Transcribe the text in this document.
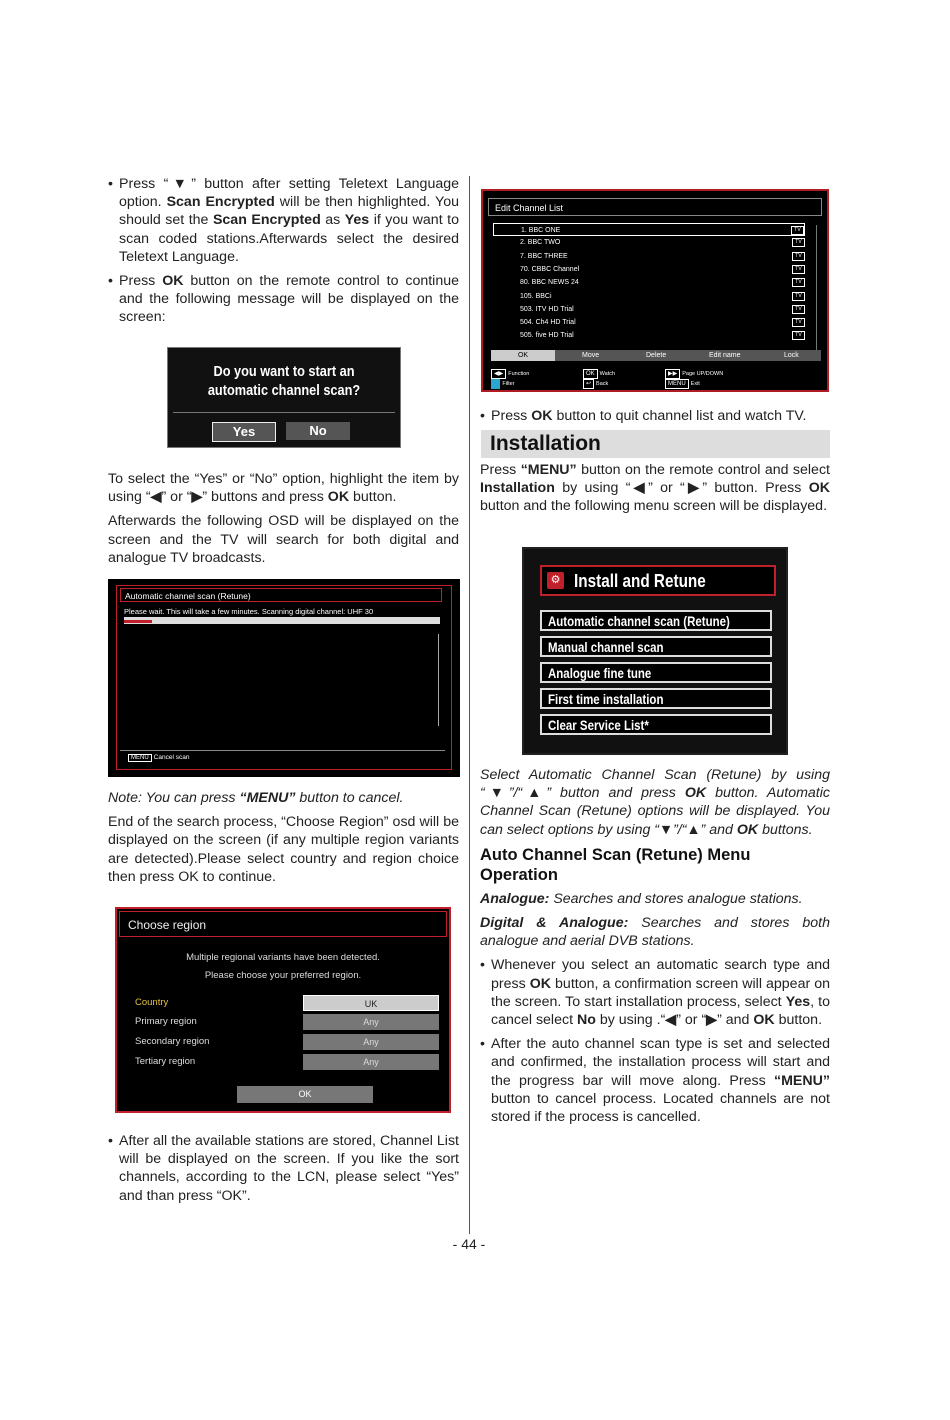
• Press “▼” button after setting Teletext Language option. Scan Encrypted will be then highlighted. You should set the Scan Encrypted as Yes if you want to scan coded stations.Afterwards select the desired Teletext Language.
• Press OK button on the remote control to continue and the following message will be displayed on the screen:

To select the “Yes” or “No” option, highlight the item by using “◀” or “▶” buttons and press OK button.

Afterwards the following OSD will be displayed on the screen and the TV will search for both digital and analogue TV broadcasts.

Note: You can press “MENU” button to cancel.

End of the search process, “Choose Region” osd will be displayed on the screen (if any multiple region variants are detected).Please select country and region choice then press OK to continue.

• After all the available stations are stored, Channel List will be displayed on the screen. If you like the sort channels, according to the LCN, please select “Yes” and than press “OK”.
Do you want to start an automatic channel scan?
Yes	No
Automatic channel scan (Retune)
Please wait. This will take a few minutes. Scanning digital channel: UHF 30
MENU Cancel scan
Choose region
Multiple regional variants have been detected.
Please choose your preferred region.
Country	UK
Primary region	Any
Secondary region	Any
Tertiary region	Any
OK
Edit Channel List
1. BBC ONE	TV
2. BBC TWO	TV
7. BBC THREE	TV
70. CBBC Channel	TV
80. BBC NEWS 24	TV
105. BBCi	TV
503. ITV HD Trial	TV
504. Ch4 HD Trial	TV
505. five HD Trial	TV
OK	Move	Delete	Edit name	Lock
◀▶ Function
Filter
OK Watch
↩ Back
▶▶ Page UP/DOWN
MENU Exit
• Press OK button to quit channel list and watch TV.
Installation

Press “MENU” button on the remote control and select Installation by using “◀” or “▶” button. Press OK button and the following menu screen will be displayed.

⚙ Install and Retune
Automatic channel scan (Retune)
Manual channel scan
Analogue fine tune
First time installation
Clear Service List*

Select Automatic Channel Scan (Retune) by using “▼”/“▲” button and press OK button. Automatic Channel Scan (Retune) options will be displayed. You can select options by using “▼”/“▲” and OK buttons.

Auto Channel Scan (Retune) Menu Operation

Analogue: Searches and stores analogue stations.

Digital & Analogue: Searches and stores both analogue and aerial DVB stations.

• Whenever you select an automatic search type and press OK button, a confirmation screen will appear on the screen. To start installation process, select Yes, to cancel select No by using .“◀” or “▶” and OK button.
• After the auto channel scan type is set and selected and confirmed, the installation process will start and the progress bar will move along. Press “MENU” button to cancel process. Located channels are not stored if the process is cancelled.
- 44 -
